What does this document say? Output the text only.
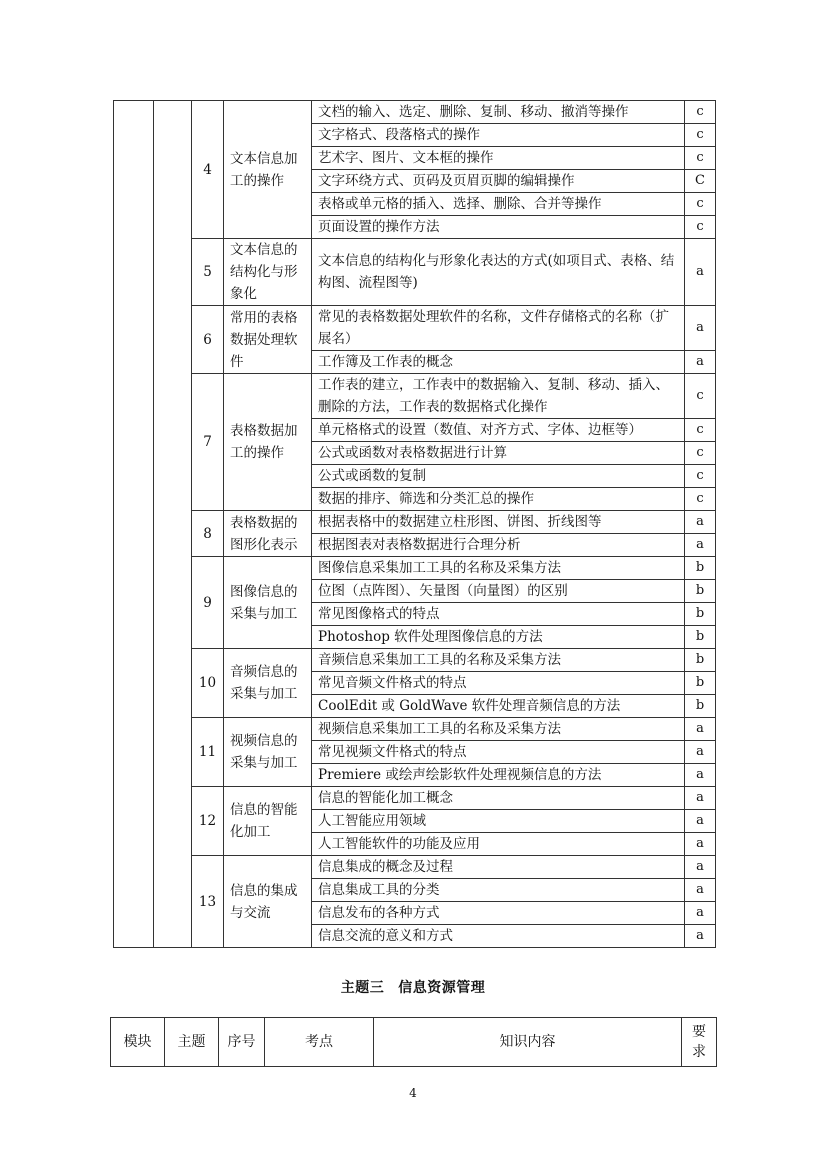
		4	文本信息加工的操作	文档的输入、选定、删除、复制、移动、撤消等操作	c
				文字格式、段落格式的操作	c
				艺术字、图片、文本框的操作	c
				文字环绕方式、页码及页眉页脚的编辑操作	C
				表格或单元格的插入、选择、删除、合并等操作	c
				页面设置的操作方法	c
		5	文本信息的结构化与形象化	文本信息的结构化与形象化表达的方式(如项目式、表格、结构图、流程图等)	a
		6	常用的表格数据处理软件	常见的表格数据处理软件的名称，文件存储格式的名称（扩展名）	a
				工作簿及工作表的概念	a
		7	表格数据加工的操作	工作表的建立，工作表中的数据输入、复制、移动、插入、删除的方法，工作表的数据格式化操作	c
				单元格格式的设置（数值、对齐方式、字体、边框等）	c
				公式或函数对表格数据进行计算	c
				公式或函数的复制	c
				数据的排序、筛选和分类汇总的操作	c
		8	表格数据的图形化表示	根据表格中的数据建立柱形图、饼图、折线图等	a
				根据图表对表格数据进行合理分析	a
		9	图像信息的采集与加工	图像信息采集加工工具的名称及采集方法	b
				位图（点阵图）、矢量图（向量图）的区别	b
				常见图像格式的特点	b
				Photoshop 软件处理图像信息的方法	b
		10	音频信息的采集与加工	音频信息采集加工工具的名称及采集方法	b
				常见音频文件格式的特点	b
				CoolEdit 或 GoldWave 软件处理音频信息的方法	b
		11	视频信息的采集与加工	视频信息采集加工工具的名称及采集方法	a
				常见视频文件格式的特点	a
				Premiere 或绘声绘影软件处理视频信息的方法	a
		12	信息的智能化加工	信息的智能化加工概念	a
				人工智能应用领域	a
				人工智能软件的功能及应用	a
		13	信息的集成与交流	信息集成的概念及过程	a
				信息集成工具的分类	a
				信息发布的各种方式	a
				信息交流的意义和方式	a
主题三 信息资源管理
模块	主题	序号	考点	知识内容	要求
4
